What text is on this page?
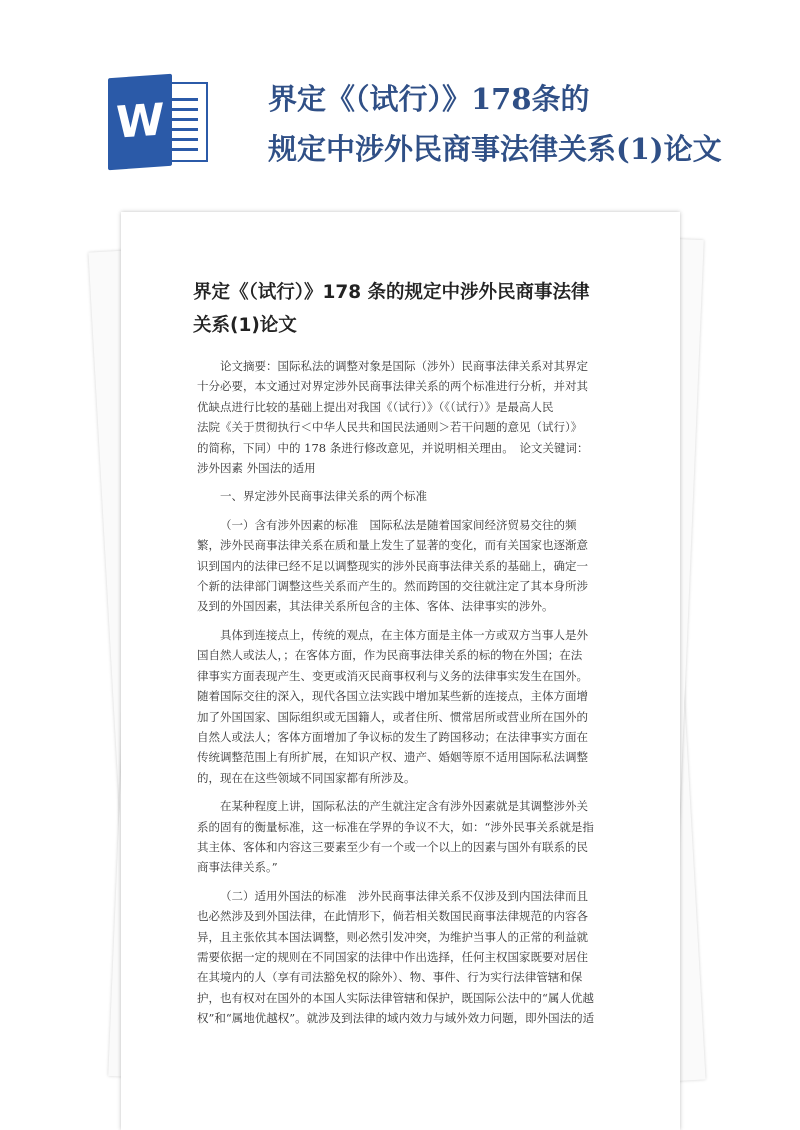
W	界定《（试行）》178条的
规定中涉外民商事法律关系(1)论文
界定《（试行）》178 条的规定中涉外民商事法律
关系(1)论文
论文摘要：国际私法的调整对象是国际（涉外）民商事法律关系对其界定
十分必要，本文通过对界定涉外民商事法律关系的两个标准进行分析，并对其
优缺点进行比较的基础上提出对我国《（试行）》（《（试行）》是最高人民
法院《关于贯彻执行＜中华人民共和国民法通则＞若干问题的意见（试行）》
的简称，下同）中的 178 条进行修改意见，并说明相关理由。　论文关键词：
涉外因素 外国法的适用
一、界定涉外民商事法律关系的两个标准
（一）含有涉外因素的标准　国际私法是随着国家间经济贸易交往的频
繁，涉外民商事法律关系在质和量上发生了显著的变化，而有关国家也逐渐意
识到国内的法律已经不足以调整现实的涉外民商事法律关系的基础上，确定一
个新的法律部门调整这些关系而产生的。然而跨国的交往就注定了其本身所涉
及到的外国因素，其法律关系所包含的主体、客体、法律事实的涉外。
具体到连接点上，传统的观点，在主体方面是主体一方或双方当事人是外
国自然人或法人，；在客体方面，作为民商事法律关系的标的物在外国；在法
律事实方面表现产生、变更或消灭民商事权利与义务的法律事实发生在国外。
随着国际交往的深入，现代各国立法实践中增加某些新的连接点，主体方面增
加了外国国家、国际组织或无国籍人，或者住所、惯常居所或营业所在国外的
自然人或法人；客体方面增加了争议标的发生了跨国移动；在法律事实方面在
传统调整范围上有所扩展，在知识产权、遗产、婚姻等原不适用国际私法调整
的，现在在这些领域不同国家都有所涉及。
在某种程度上讲，国际私法的产生就注定含有涉外因素就是其调整涉外关
系的固有的衡量标准，这一标准在学界的争议不大，如：“涉外民事关系就是指
其主体、客体和内容这三要素至少有一个或一个以上的因素与国外有联系的民
商事法律关系。”
（二）适用外国法的标准　涉外民商事法律关系不仅涉及到内国法律而且
也必然涉及到外国法律，在此情形下，倘若相关数国民商事法律规范的内容各
异，且主张依其本国法调整，则必然引发冲突，为维护当事人的正常的利益就
需要依据一定的规则在不同国家的法律中作出选择，任何主权国家既要对居住
在其境内的人（享有司法豁免权的除外）、物、事件、行为实行法律管辖和保
护，也有权对在国外的本国人实际法律管辖和保护，既国际公法中的“属人优越
权”和“属地优越权”。就涉及到法律的域内效力与域外效力问题，即外国法的适
